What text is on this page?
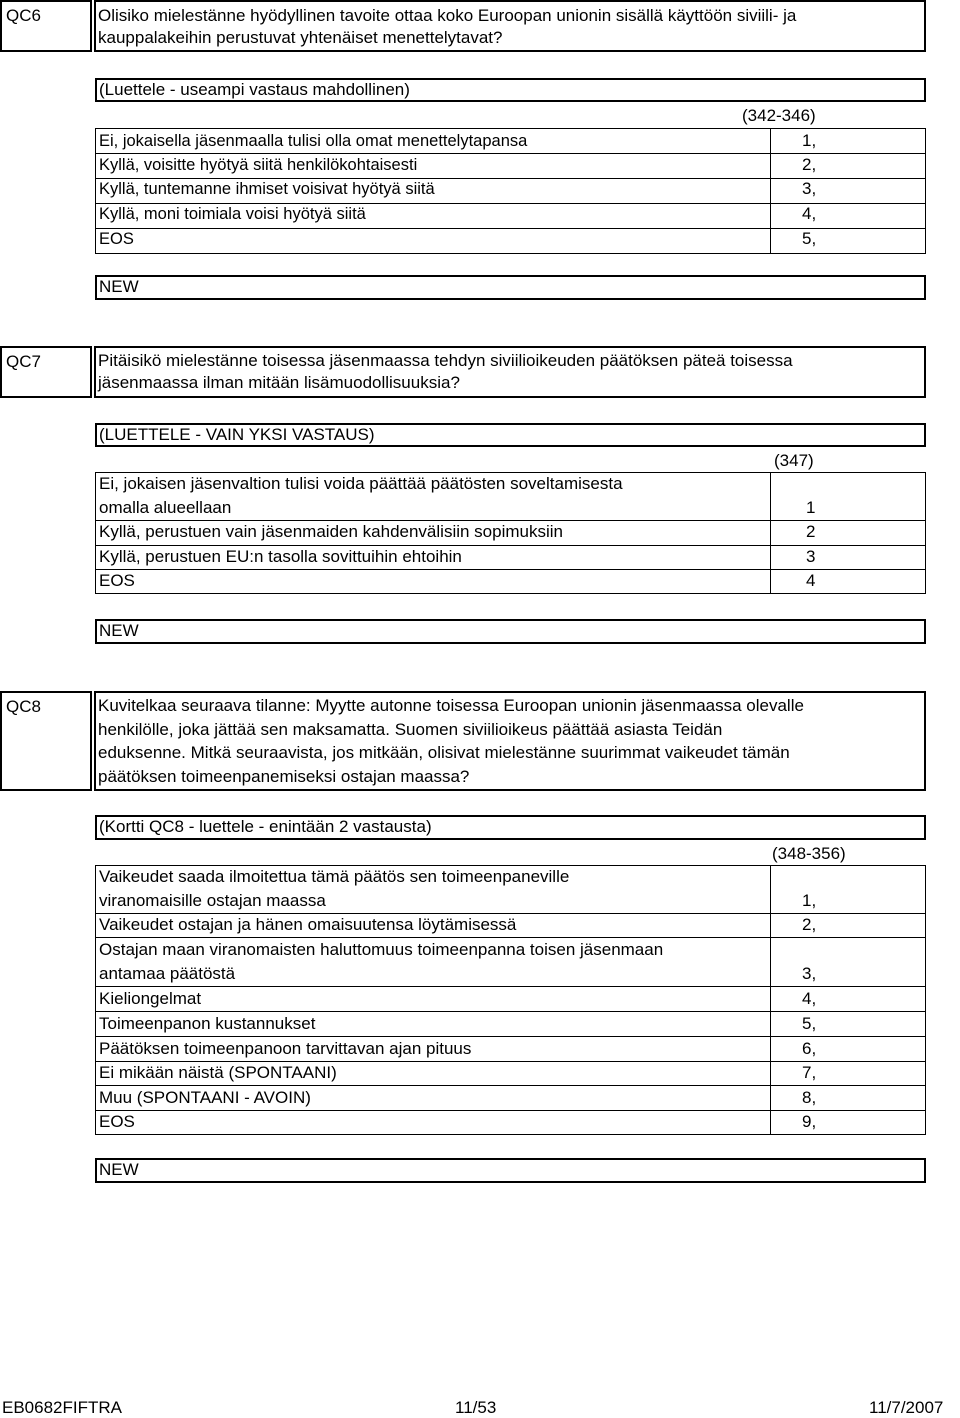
QC6	Olisiko mielestänne hyödyllinen tavoite ottaa koko Euroopan unionin sisällä käyttöön siviili- ja
kauppalakeihin perustuvat yhtenäiset menettelytavat?
(Luettele - useampi vastaus mahdollinen)
(342-346)
Ei, jokaisella jäsenmaalla tulisi olla omat menettelytapansa	1,
Kyllä, voisitte hyötyä siitä henkilökohtaisesti	2,
Kyllä, tuntemanne ihmiset voisivat hyötyä siitä	3,
Kyllä, moni toimiala voisi hyötyä siitä	4,
EOS	5,
NEW
QC7	Pitäisikö mielestänne toisessa jäsenmaassa tehdyn siviilioikeuden päätöksen päteä toisessa
jäsenmaassa ilman mitään lisämuodollisuuksia?
(LUETTELE - VAIN YKSI VASTAUS)
(347)
Ei, jokaisen jäsenvaltion tulisi voida päättää päätösten soveltamisesta
omalla alueellaan	1
Kyllä, perustuen vain jäsenmaiden kahdenvälisiin sopimuksiin	2
Kyllä, perustuen EU:n tasolla sovittuihin ehtoihin	3
EOS	4
NEW
QC8	Kuvitelkaa seuraava tilanne: Myytte autonne toisessa Euroopan unionin jäsenmaassa olevalle
henkilölle, joka jättää sen maksamatta. Suomen siviilioikeus päättää asiasta Teidän
eduksenne. Mitkä seuraavista, jos mitkään, olisivat mielestänne suurimmat vaikeudet tämän
päätöksen toimeenpanemiseksi ostajan maassa?
(Kortti QC8 - luettele - enintään 2 vastausta)
(348-356)
Vaikeudet saada ilmoitettua tämä päätös sen toimeenpaneville
viranomaisille ostajan maassa	1,
Vaikeudet ostajan ja hänen omaisuutensa löytämisessä	2,
Ostajan maan viranomaisten haluttomuus toimeenpanna toisen jäsenmaan
antamaa päätöstä	3,
Kieliongelmat	4,
Toimeenpanon kustannukset	5,
Päätöksen toimeenpanoon tarvittavan ajan pituus	6,
Ei mikään näistä (SPONTAANI)	7,
Muu (SPONTAANI - AVOIN)	8,
EOS	9,
NEW
EB0682FIFTRA	11/53	11/7/2007
